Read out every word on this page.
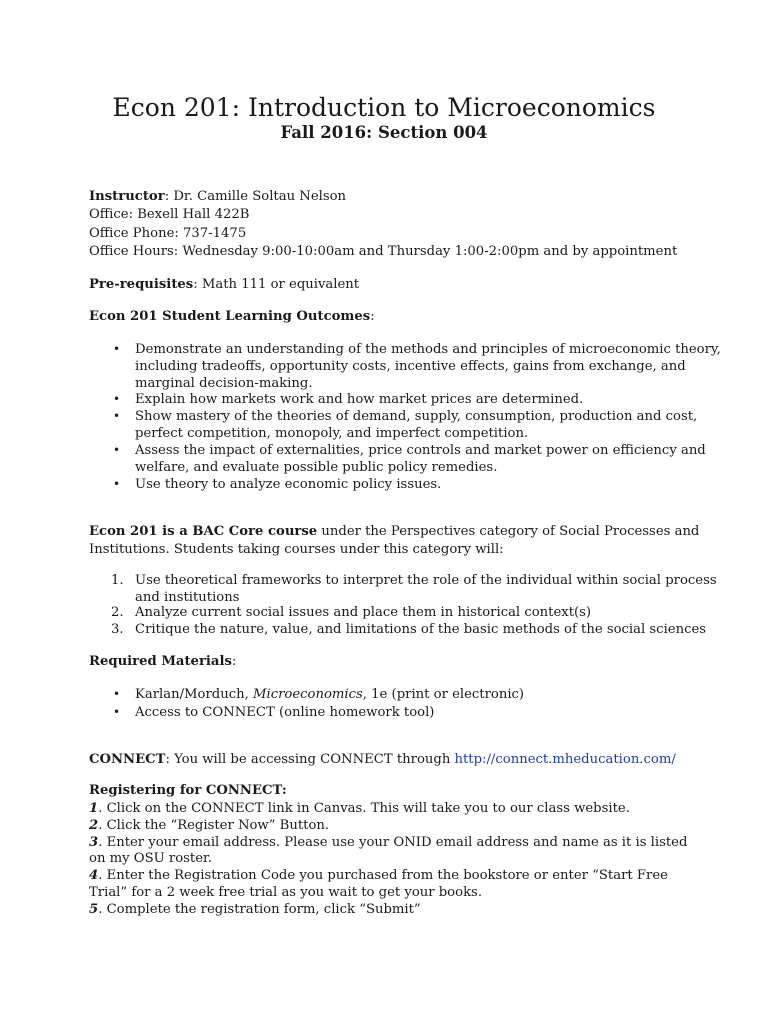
Econ 201: Introduction to Microeconomics
Fall 2016: Section 004
Instructor: Dr. Camille Soltau Nelson
Office: Bexell Hall 422B
Office Phone: 737-1475
Office Hours: Wednesday 9:00-10:00am and Thursday 1:00-2:00pm and by appointment
Pre-requisites: Math 111 or equivalent
Econ 201 Student Learning Outcomes:
• Demonstrate an understanding of the methods and principles of microeconomic theory,
including tradeoffs, opportunity costs, incentive effects, gains from exchange, and
marginal decision-making.
• Explain how markets work and how market prices are determined.
• Show mastery of the theories of demand, supply, consumption, production and cost,
perfect competition, monopoly, and imperfect competition.
• Assess the impact of externalities, price controls and market power on efficiency and
welfare, and evaluate possible public policy remedies.
• Use theory to analyze economic policy issues.
Econ 201 is a BAC Core course under the Perspectives category of Social Processes and
Institutions. Students taking courses under this category will:
1. Use theoretical frameworks to interpret the role of the individual within social process
and institutions
2. Analyze current social issues and place them in historical context(s)
3. Critique the nature, value, and limitations of the basic methods of the social sciences
Required Materials:
• Karlan/Morduch, Microeconomics, 1e (print or electronic)
• Access to CONNECT (online homework tool)
CONNECT: You will be accessing CONNECT through http://connect.mheducation.com/
Registering for CONNECT:
1. Click on the CONNECT link in Canvas. This will take you to our class website.
2. Click the “Register Now” Button.
3. Enter your email address. Please use your ONID email address and name as it is listed
on my OSU roster.
4. Enter the Registration Code you purchased from the bookstore or enter “Start Free
Trial” for a 2 week free trial as you wait to get your books.
5. Complete the registration form, click “Submit”
